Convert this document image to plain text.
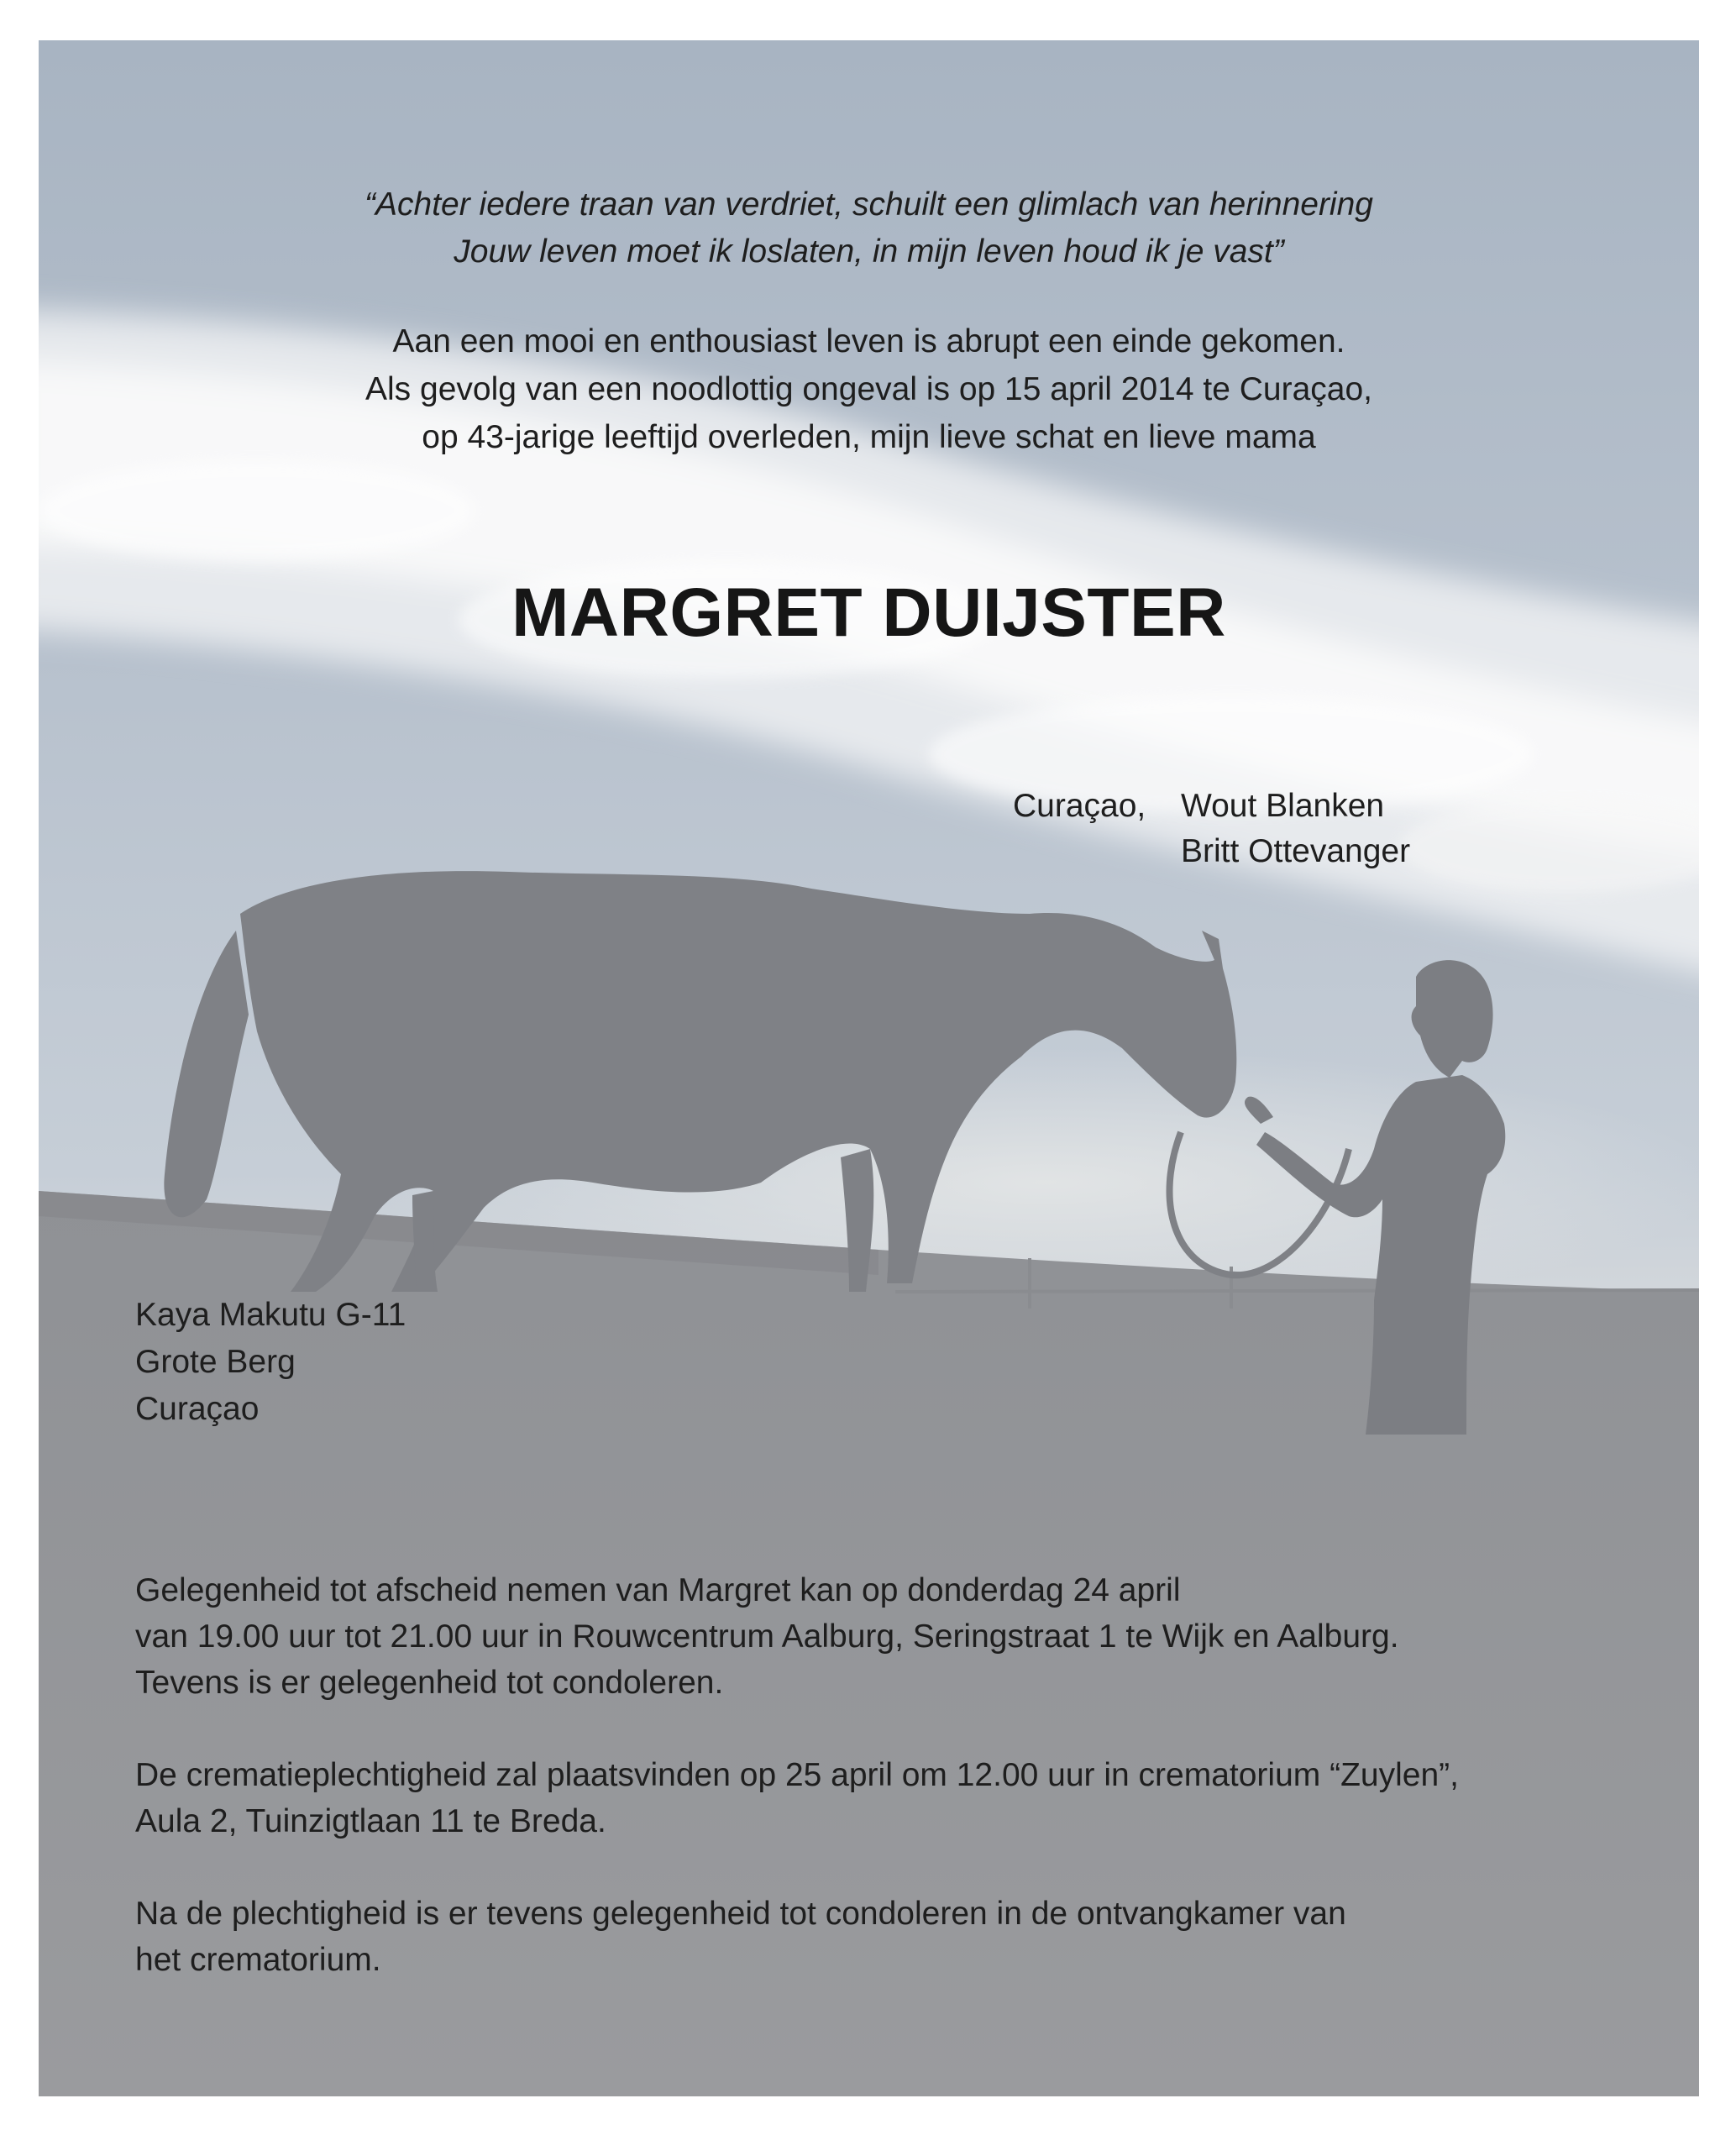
“Achter iedere traan van verdriet, schuilt een glimlach van herinnering

Jouw leven moet ik loslaten, in mijn leven houd ik je vast”

Aan een mooi en enthousiast leven is abrupt een einde gekomen.

Als gevolg van een noodlottig ongeval is op 15 april 2014 te Curaçao,

op 43-jarige leeftijd overleden, mijn lieve schat en lieve mama

MARGRET DUIJSTER
Curaçao, Wout Blanken
Britt Ottevanger
Kaya Makutu G-11
Grote Berg
Curaçao

Gelegenheid tot afscheid nemen van Margret kan op donderdag 24 april
van 19.00 uur tot 21.00 uur in Rouwcentrum Aalburg, Seringstraat 1 te Wijk en Aalburg.
Tevens is er gelegenheid tot condoleren.

De crematieplechtigheid zal plaatsvinden op 25 april om 12.00 uur in crematorium “Zuylen”,
Aula 2, Tuinzigtlaan 11 te Breda.

Na de plechtigheid is er tevens gelegenheid tot condoleren in de ontvangkamer van
het crematorium.
